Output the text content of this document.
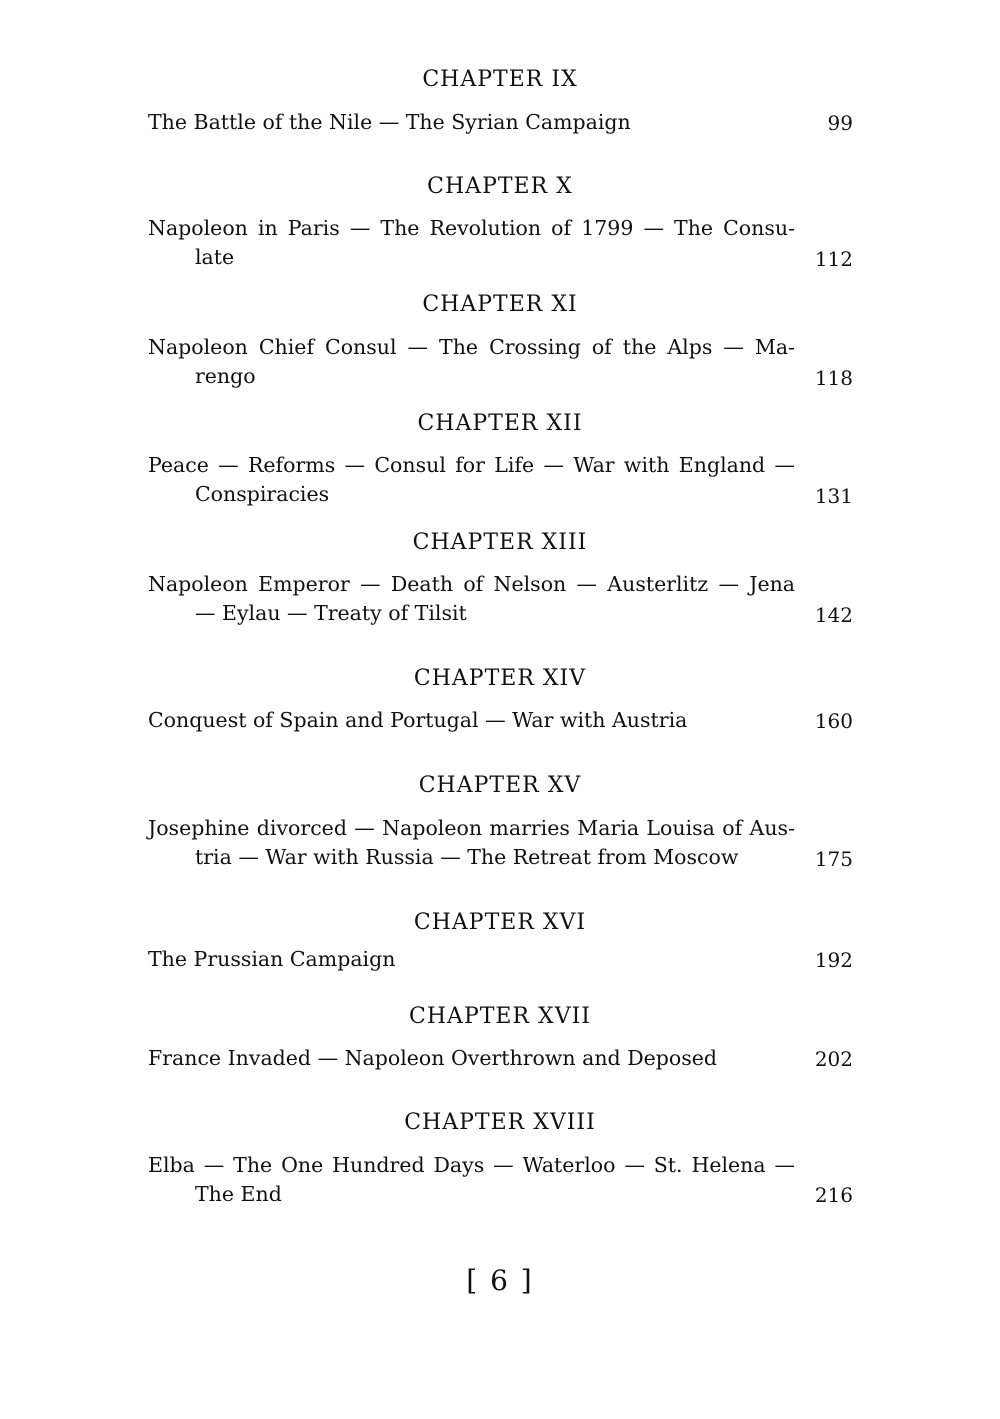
CHAPTER IX
The Battle of the Nile — The Syrian Campaign	99
CHAPTER X
Napoleon in Paris — The Revolution of 1799 — The Consu-
late	112
CHAPTER XI
Napoleon Chief Consul — The Crossing of the Alps — Ma-
rengo	118
CHAPTER XII
Peace — Reforms — Consul for Life — War with England —
Conspiracies	131
CHAPTER XIII
Napoleon Emperor — Death of Nelson — Austerlitz — Jena
— Eylau — Treaty of Tilsit	142
CHAPTER XIV
Conquest of Spain and Portugal — War with Austria	160
CHAPTER XV
Josephine divorced — Napoleon marries Maria Louisa of Aus-
tria — War with Russia — The Retreat from Moscow	175
CHAPTER XVI
The Prussian Campaign	192
CHAPTER XVII
France Invaded — Napoleon Overthrown and Deposed	202
CHAPTER XVIII
Elba — The One Hundred Days — Waterloo — St. Helena —
The End	216
[ 6 ]
